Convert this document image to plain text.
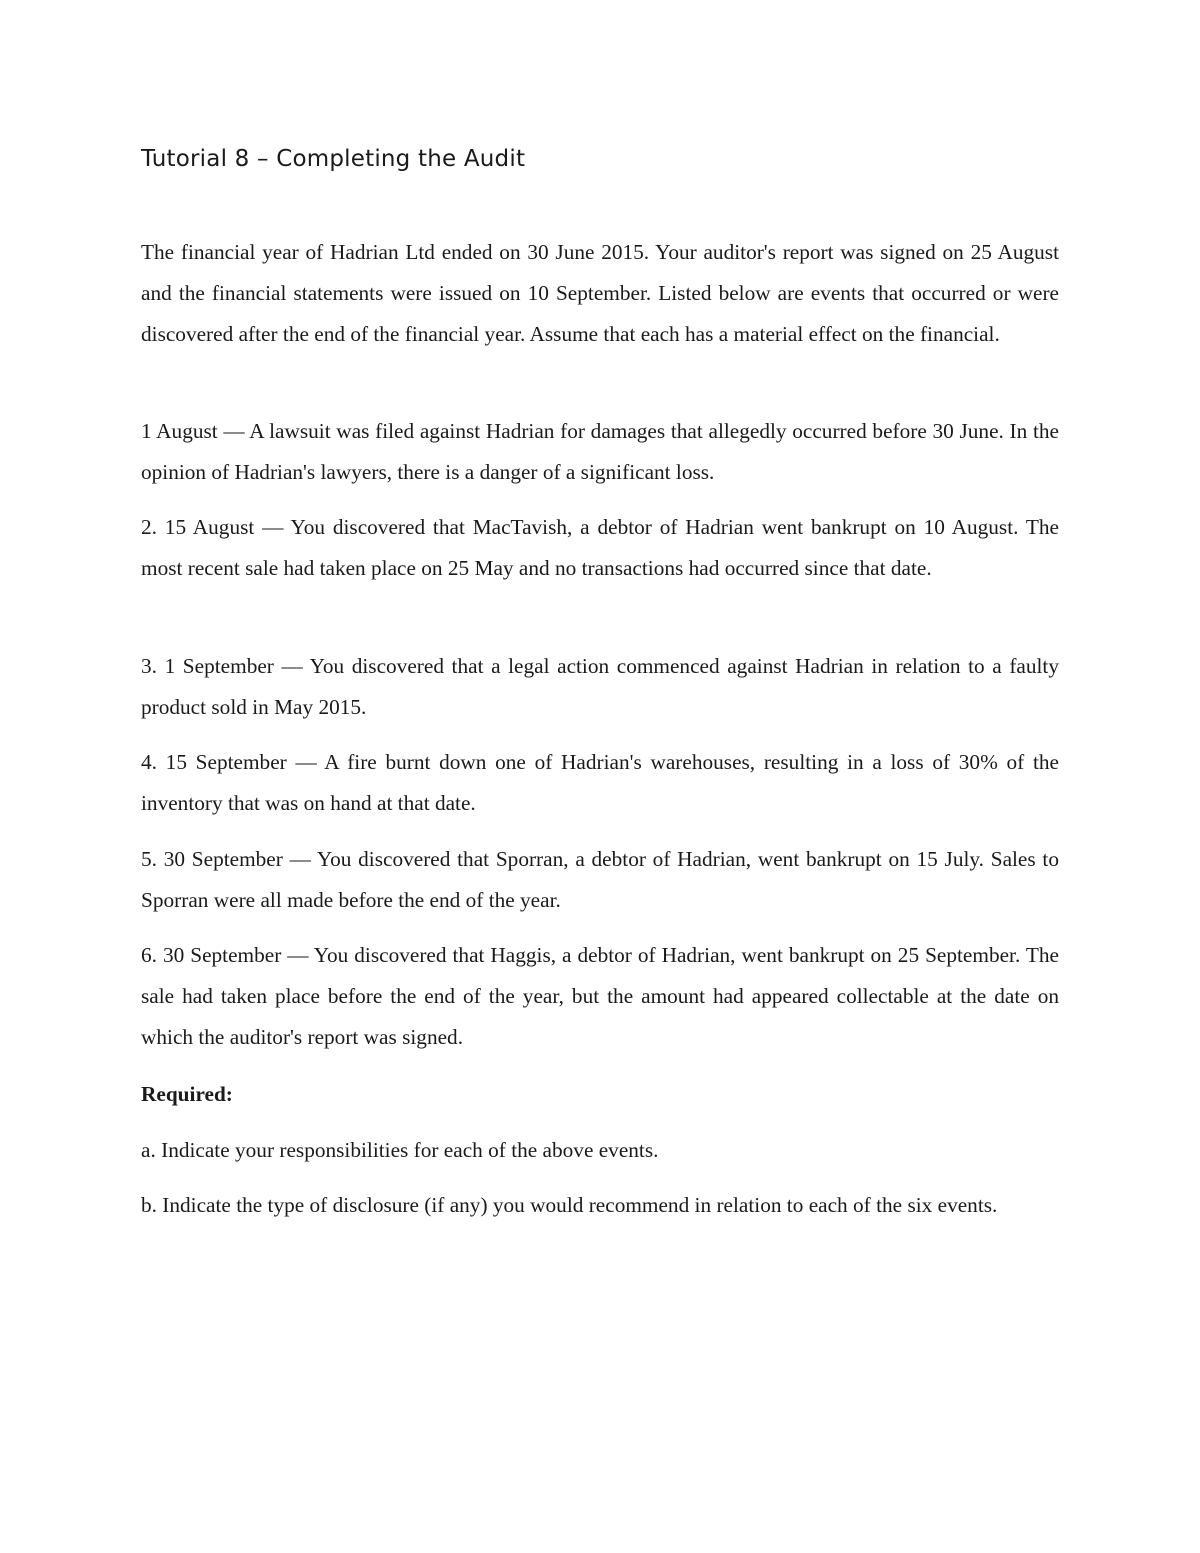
Tutorial 8 – Completing the Audit

The financial year of Hadrian Ltd ended on 30 June 2015. Your auditor's report was signed on 25 August and the financial statements were issued on 10 September. Listed below are events that occurred or were discovered after the end of the financial year. Assume that each has a material effect on the financial.

1 August — A lawsuit was filed against Hadrian for damages that allegedly occurred before 30 June. In the opinion of Hadrian's lawyers, there is a danger of a significant loss.

2. 15 August — You discovered that MacTavish, a debtor of Hadrian went bankrupt on 10 August. The most recent sale had taken place on 25 May and no transactions had occurred since that date.

3. 1 September — You discovered that a legal action commenced against Hadrian in relation to a faulty product sold in May 2015.

4. 15 September — A fire burnt down one of Hadrian's warehouses, resulting in a loss of 30% of the inventory that was on hand at that date.

5. 30 September — You discovered that Sporran, a debtor of Hadrian, went bankrupt on 15 July. Sales to Sporran were all made before the end of the year.

6. 30 September — You discovered that Haggis, a debtor of Hadrian, went bankrupt on 25 September. The sale had taken place before the end of the year, but the amount had appeared collectable at the date on which the auditor's report was signed.

Required:

a. Indicate your responsibilities for each of the above events.

b. Indicate the type of disclosure (if any) you would recommend in relation to each of the six events.
